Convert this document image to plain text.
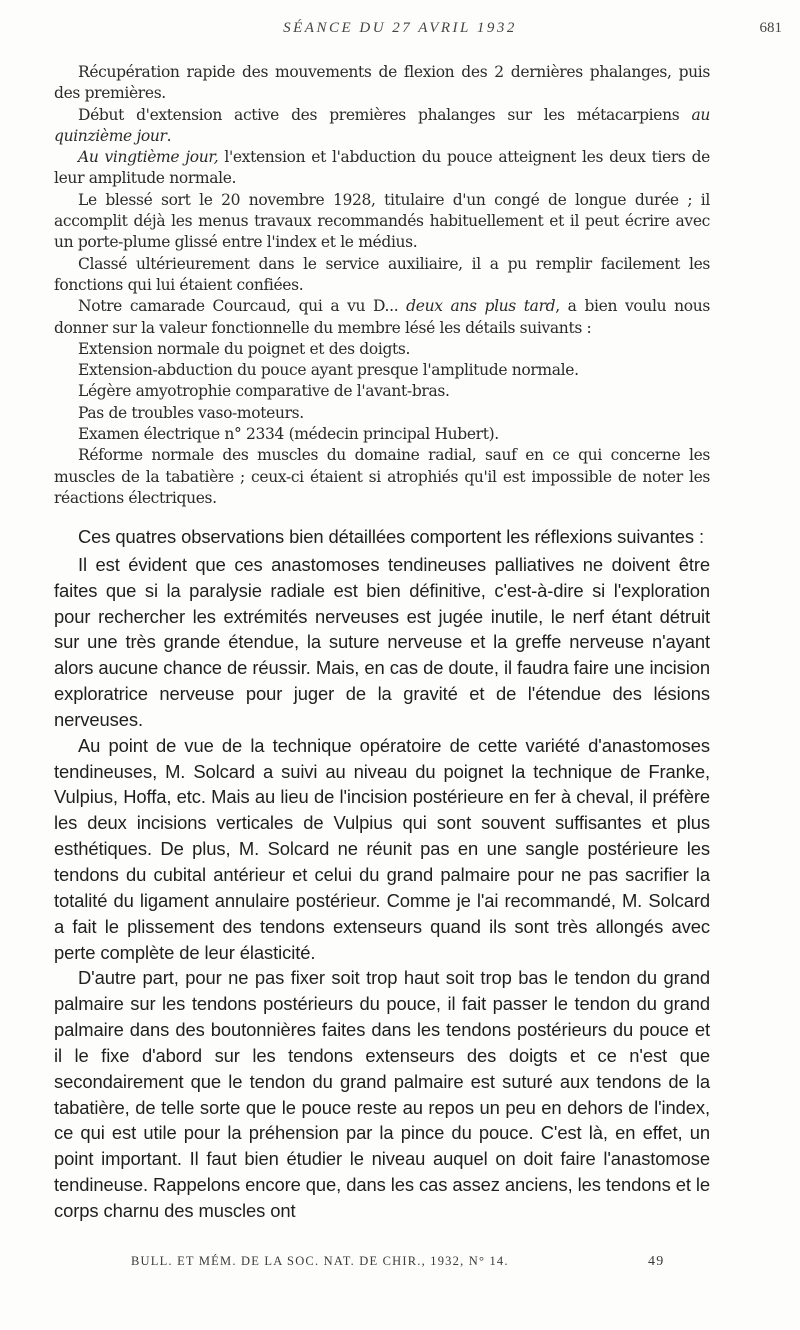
SÉANCE DU 27 AVRIL 1932	681

Récupération rapide des mouvements de flexion des 2 dernières phalanges, puis des premières.

Début d'extension active des premières phalanges sur les métacarpiens au quinzième jour.

Au vingtième jour, l'extension et l'abduction du pouce atteignent les deux tiers de leur amplitude normale.

Le blessé sort le 20 novembre 1928, titulaire d'un congé de longue durée ; il accomplit déjà les menus travaux recommandés habituellement et il peut écrire avec un porte-plume glissé entre l'index et le médius.

Classé ultérieurement dans le service auxiliaire, il a pu remplir facilement les fonctions qui lui étaient confiées.

Notre camarade Courcaud, qui a vu D... deux ans plus tard, a bien voulu nous donner sur la valeur fonctionnelle du membre lésé les détails suivants :

Extension normale du poignet et des doigts.

Extension-abduction du pouce ayant presque l'amplitude normale.

Légère amyotrophie comparative de l'avant-bras.

Pas de troubles vaso-moteurs.

Examen électrique n° 2334 (médecin principal Hubert).

Réforme normale des muscles du domaine radial, sauf en ce qui concerne les muscles de la tabatière ; ceux-ci étaient si atrophiés qu'il est impossible de noter les réactions électriques.

Ces quatres observations bien détaillées comportent les réflexions suivantes :

Il est évident que ces anastomoses tendineuses palliatives ne doivent être faites que si la paralysie radiale est bien définitive, c'est-à-dire si l'exploration pour rechercher les extrémités nerveuses est jugée inutile, le nerf étant détruit sur une très grande étendue, la suture nerveuse et la greffe nerveuse n'ayant alors aucune chance de réussir. Mais, en cas de doute, il faudra faire une incision exploratrice nerveuse pour juger de la gravité et de l'étendue des lésions nerveuses.

Au point de vue de la technique opératoire de cette variété d'anastomoses tendineuses, M. Solcard a suivi au niveau du poignet la technique de Franke, Vulpius, Hoffa, etc. Mais au lieu de l'incision postérieure en fer à cheval, il préfère les deux incisions verticales de Vulpius qui sont souvent suffisantes et plus esthétiques. De plus, M. Solcard ne réunit pas en une sangle postérieure les tendons du cubital antérieur et celui du grand palmaire pour ne pas sacrifier la totalité du ligament annulaire postérieur. Comme je l'ai recommandé, M. Solcard a fait le plissement des tendons extenseurs quand ils sont très allongés avec perte complète de leur élasticité.

D'autre part, pour ne pas fixer soit trop haut soit trop bas le tendon du grand palmaire sur les tendons postérieurs du pouce, il fait passer le tendon du grand palmaire dans des boutonnières faites dans les tendons postérieurs du pouce et il le fixe d'abord sur les tendons extenseurs des doigts et ce n'est que secondairement que le tendon du grand palmaire est suturé aux tendons de la tabatière, de telle sorte que le pouce reste au repos un peu en dehors de l'index, ce qui est utile pour la préhension par la pince du pouce. C'est là, en effet, un point important. Il faut bien étudier le niveau auquel on doit faire l'anastomose tendineuse. Rappelons encore que, dans les cas assez anciens, les tendons et le corps charnu des muscles ont

BULL. ET MÉM. DE LA SOC. NAT. DE CHIR., 1932, N° 14.	49
